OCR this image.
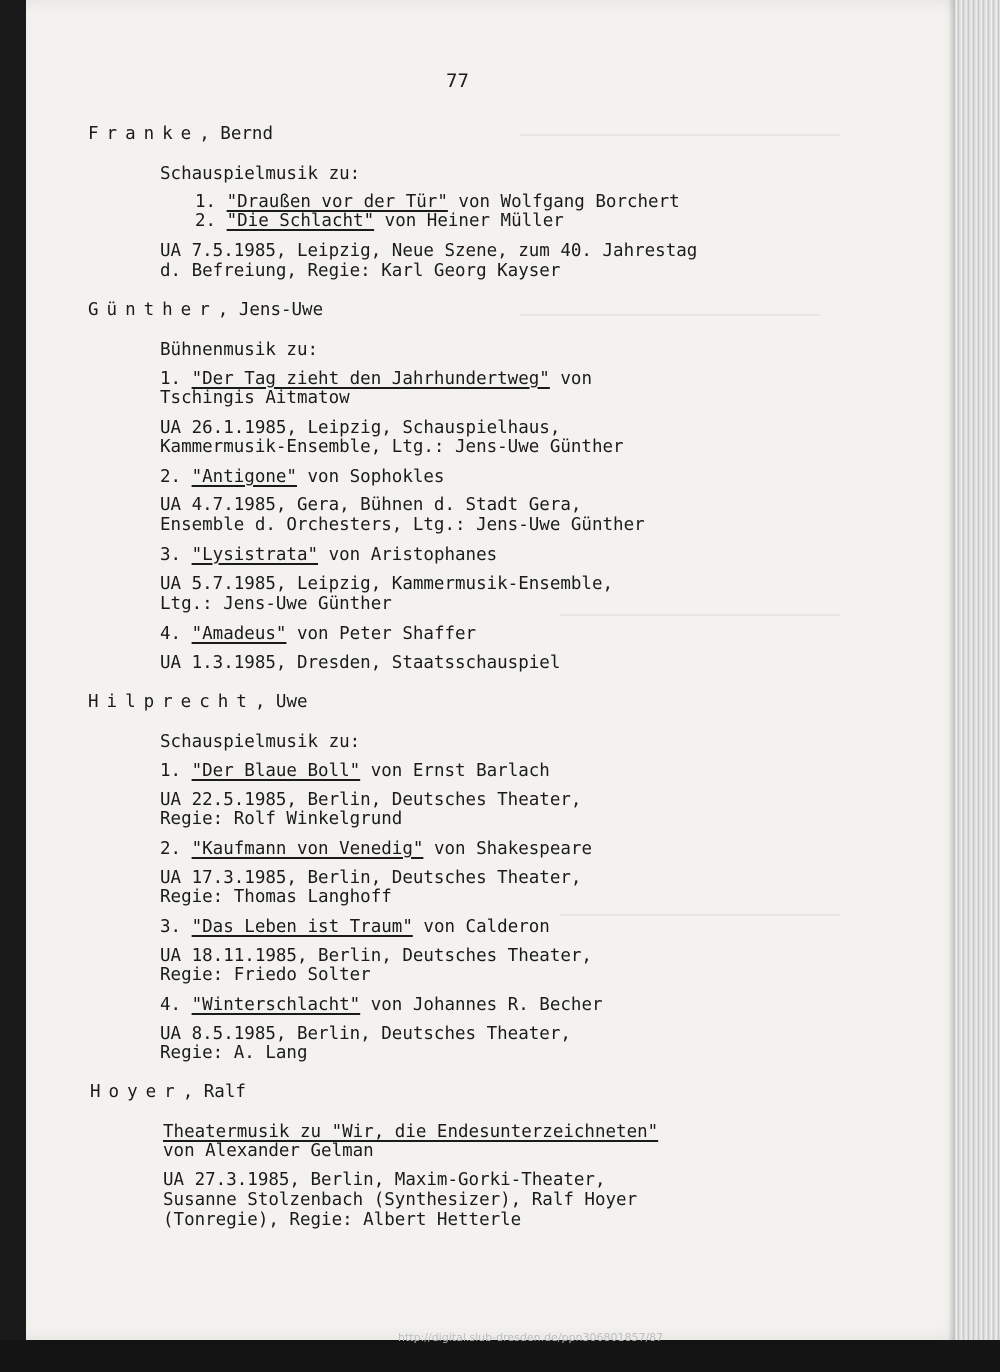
77
Franke, Bernd
Schauspielmusik zu:
1. "Draußen vor der Tür" von Wolfgang Borchert
2. "Die Schlacht" von Heiner Müller
UA 7.5.1985, Leipzig, Neue Szene, zum 40. Jahrestag
d. Befreiung, Regie: Karl Georg Kayser
Günther, Jens-Uwe
Bühnenmusik zu:
1. "Der Tag zieht den Jahrhundertweg" von
Tschingis Aitmatow
UA 26.1.1985, Leipzig, Schauspielhaus,
Kammermusik-Ensemble, Ltg.: Jens-Uwe Günther
2. "Antigone" von Sophokles
UA 4.7.1985, Gera, Bühnen d. Stadt Gera,
Ensemble d. Orchesters, Ltg.: Jens-Uwe Günther
3. "Lysistrata" von Aristophanes
UA 5.7.1985, Leipzig, Kammermusik-Ensemble,
Ltg.: Jens-Uwe Günther
4. "Amadeus" von Peter Shaffer
UA 1.3.1985, Dresden, Staatsschauspiel
Hilprecht, Uwe
Schauspielmusik zu:
1. "Der Blaue Boll" von Ernst Barlach
UA 22.5.1985, Berlin, Deutsches Theater,
Regie: Rolf Winkelgrund
2. "Kaufmann von Venedig" von Shakespeare
UA 17.3.1985, Berlin, Deutsches Theater,
Regie: Thomas Langhoff
3. "Das Leben ist Traum" von Calderon
UA 18.11.1985, Berlin, Deutsches Theater,
Regie: Friedo Solter
4. "Winterschlacht" von Johannes R. Becher
UA 8.5.1985, Berlin, Deutsches Theater,
Regie: A. Lang
Hoyer, Ralf
Theatermusik zu "Wir, die Endesunterzeichneten"
von Alexander Gelman
UA 27.3.1985, Berlin, Maxim-Gorki-Theater,
Susanne Stolzenbach (Synthesizer), Ralf Hoyer
(Tonregie), Regie: Albert Hetterle
http://digital.slub-dresden.de/ppn306801857/87
